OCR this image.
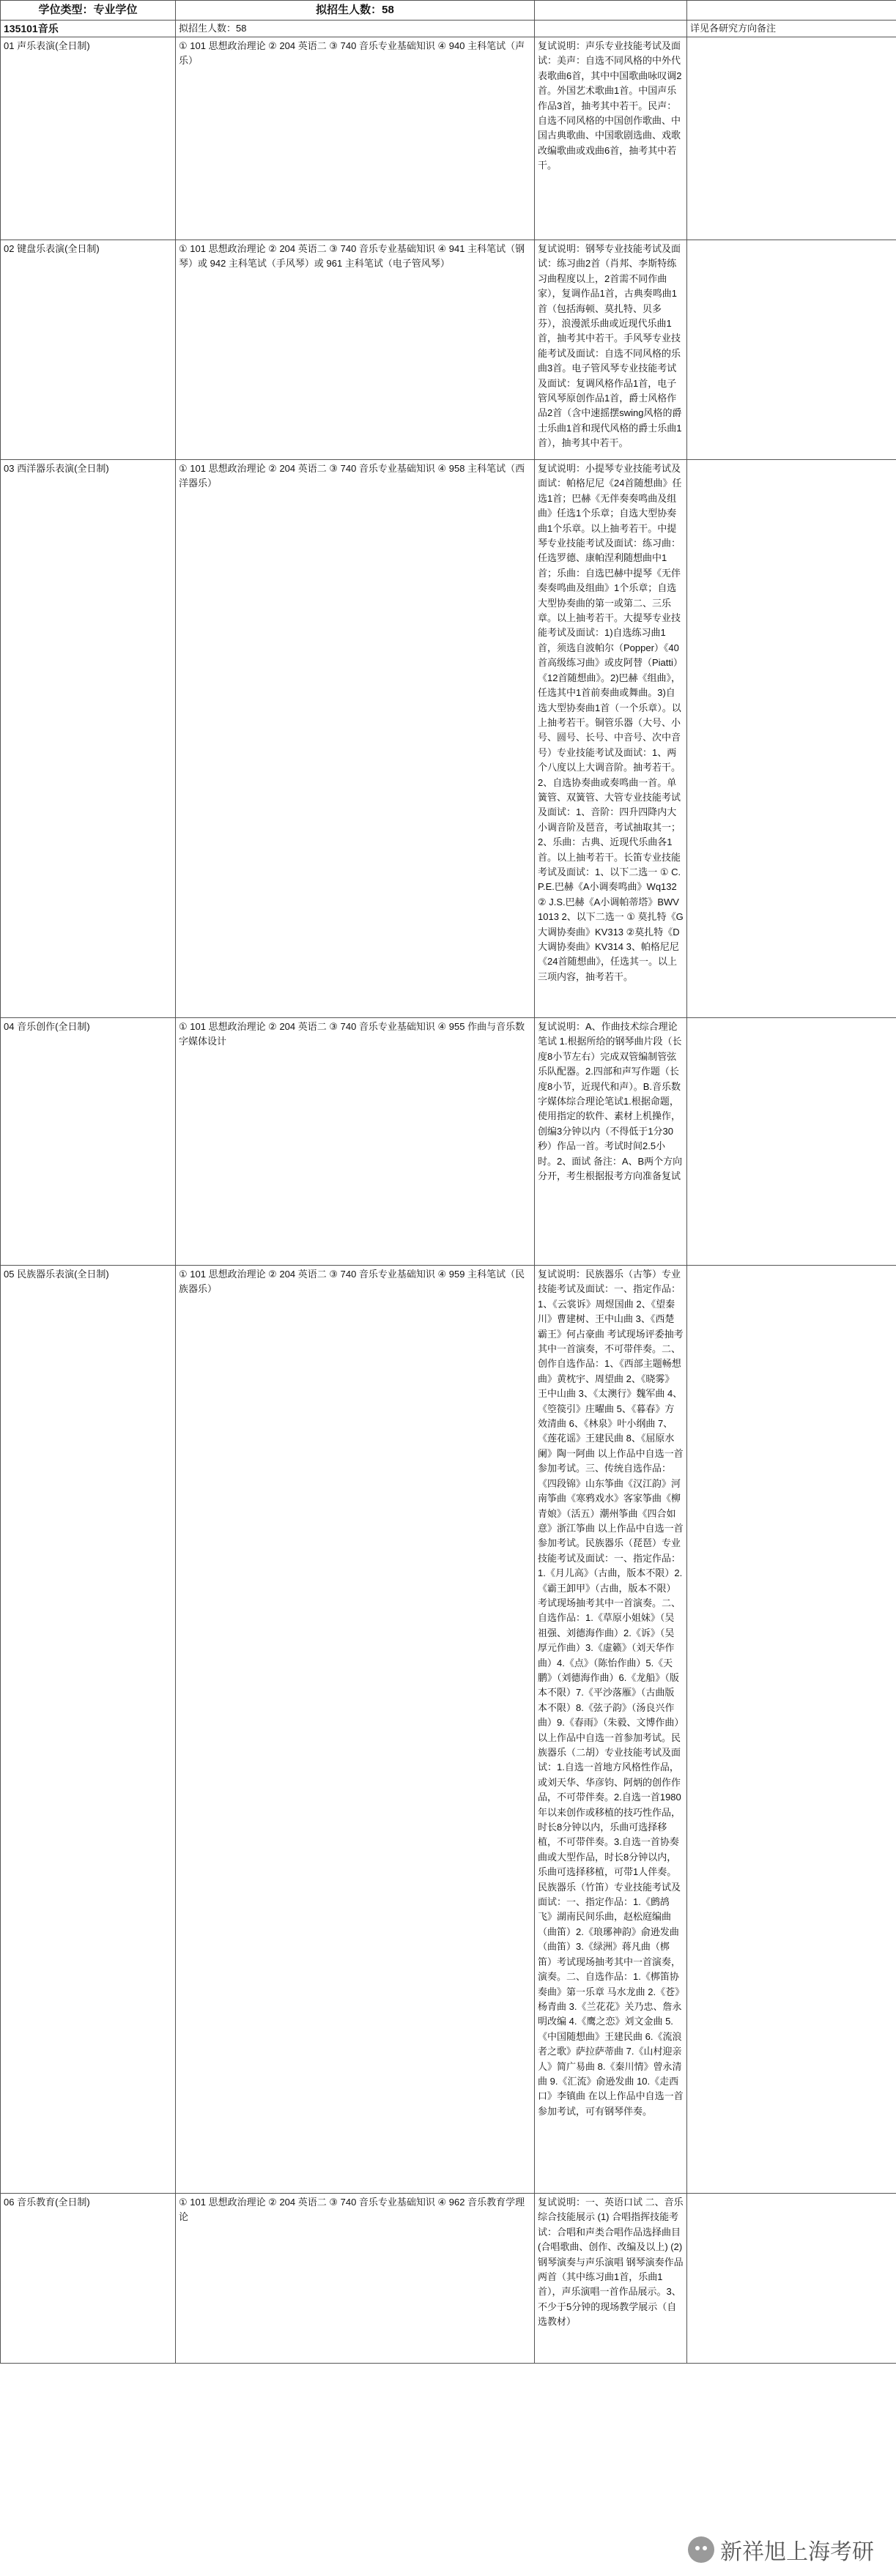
学位类型：专业学位	拟招生人数：58		
135101音乐	拟招生人数：58		详见各研究方向备注
01 声乐表演(全日制)	① 101 思想政治理论 ② 204 英语二 ③ 740 音乐专业基础知识 ④ 940 主科笔试（声乐）	复试说明：声乐专业技能考试及面试：美声：自选不同风格的中外代表歌曲6首，其中中国歌曲咏叹调2首。外国艺术歌曲1首。中国声乐作品3首，抽考其中若干。民声：自选不同风格的中国创作歌曲、中国古典歌曲、中国歌剧选曲、戏歌改编歌曲或戏曲6首，抽考其中若干。	
02 键盘乐表演(全日制)	① 101 思想政治理论 ② 204 英语二 ③ 740 音乐专业基础知识 ④ 941 主科笔试（钢琴）或 942 主科笔试（手风琴）或 961 主科笔试（电子管风琴）	复试说明：钢琴专业技能考试及面试：练习曲2首（肖邦、李斯特练习曲程度以上，2首需不同作曲家），复调作品1首，古典奏鸣曲1首（包括海顿、莫扎特、贝多芬），浪漫派乐曲或近现代乐曲1首，抽考其中若干。手风琴专业技能考试及面试：自选不同风格的乐曲3首。电子管风琴专业技能考试及面试：复调风格作品1首，电子管风琴原创作品1首，爵士风格作品2首（含中速摇摆swing风格的爵士乐曲1首和现代风格的爵士乐曲1首），抽考其中若干。	
03 西洋器乐表演(全日制)	① 101 思想政治理论 ② 204 英语二 ③ 740 音乐专业基础知识 ④ 958 主科笔试（西洋器乐）	复试说明：小提琴专业技能考试及面试：帕格尼尼《24首随想曲》任选1首；巴赫《无伴奏奏鸣曲及组曲》任选1个乐章；自选大型协奏曲1个乐章。以上抽考若干。中提琴专业技能考试及面试：练习曲：任选罗德、康帕涅利随想曲中1首；乐曲：自选巴赫中提琴《无伴奏奏鸣曲及组曲》1个乐章；自选大型协奏曲的第一或第二、三乐章。以上抽考若干。大提琴专业技能考试及面试：1)自选练习曲1首，须选自波帕尔（Popper）《40首高级练习曲》或皮阿替（Piatti）《12首随想曲》。2)巴赫《组曲》，任选其中1首前奏曲或舞曲。3)自选大型协奏曲1首（一个乐章）。以上抽考若干。铜管乐器（大号、小号、圆号、长号、中音号、次中音号）专业技能考试及面试：1、两个八度以上大调音阶。抽考若干。2、自选协奏曲或奏鸣曲一首。单簧管、双簧管、大管专业技能考试及面试：1、音阶：四升四降内大小调音阶及琶音，考试抽取其一；2、乐曲：古典、近现代乐曲各1首。以上抽考若干。长笛专业技能考试及面试：1、以下二选一 ① C.P.E.巴赫《A小调奏鸣曲》Wq132 ② J.S.巴赫《A小调帕蒂塔》BWV 1013 2、以下二选一 ① 莫扎特《G大调协奏曲》KV313 ②莫扎特《D大调协奏曲》KV314 3、帕格尼尼《24首随想曲》，任选其一。以上三项内容，抽考若干。	
04 音乐创作(全日制)	① 101 思想政治理论 ② 204 英语二 ③ 740 音乐专业基础知识 ④ 955 作曲与音乐数字媒体设计	复试说明：A、作曲技术综合理论笔试 1.根据所给的钢琴曲片段（长度8小节左右）完成双管编制管弦乐队配器。2.四部和声写作题（长度8小节，近现代和声）。B.音乐数字媒体综合理论笔试1.根据命题，使用指定的软件、素材上机操作，创编3分钟以内（不得低于1分30秒）作品一首。考试时间2.5小时。2、面试 备注：A、B两个方向分开，考生根据报考方向准备复试	
05 民族器乐表演(全日制)	① 101 思想政治理论 ② 204 英语二 ③ 740 音乐专业基础知识 ④ 959 主科笔试（民族器乐）	复试说明：民族器乐（古筝）专业技能考试及面试：一、指定作品：1、《云裳诉》周煜国曲 2、《望秦川》曹建树、王中山曲 3、《西楚霸王》何占豪曲 考试现场评委抽考其中一首演奏，不可带伴奏。二、创作自选作品：1、《西部主题畅想曲》黄枕宇、周望曲 2、《晓雾》王中山曲 3、《太澳行》魏军曲 4、《箜篌引》庄曜曲 5、《暮春》方效清曲 6、《林泉》叶小纲曲 7、《莲花谣》王建民曲 8、《屈原水阑》陶一阿曲 以上作品中自选一首参加考试。三、传统自选作品：《四段锦》山东筝曲《汉江韵》河南筝曲《寒鸦戏水》客家筝曲《柳青娘》（活五）潮州筝曲《四合如意》浙江筝曲 以上作品中自选一首参加考试。民族器乐（琵琶）专业技能考试及面试：一、指定作品：1.《月儿高》（古曲，版本不限）2.《霸王卸甲》（古曲，版本不限）考试现场抽考其中一首演奏。二、自选作品：1.《草原小姐妹》（吴祖强、刘德海作曲）2.《诉》（吴厚元作曲）3.《虚籁》（刘天华作曲）4.《点》（陈怡作曲）5.《天鹏》（刘德海作曲）6.《龙船》（版本不限）7.《平沙落雁》（古曲版本不限）8.《弦子韵》（汤良兴作曲）9.《春雨》（朱毅、文博作曲）以上作品中自选一首参加考试。民族器乐（二胡）专业技能考试及面试：1.自选一首地方风格性作品，或刘天华、华彦钧、阿炳的创作作品，不可带伴奏。2.自选一首1980年以来创作或移植的技巧性作品，时长8分钟以内，乐曲可选择移植，不可带伴奏。3.自选一首协奏曲或大型作品，时长8分钟以内，乐曲可选择移植，可带1人伴奏。民族器乐（竹笛）专业技能考试及面试：一、指定作品：1.《鹧鸪飞》湖南民间乐曲，赵松庭编曲（曲笛）2.《琅琊神韵》俞逊发曲（曲笛）3.《绿洲》蒋凡曲（梆笛）考试现场抽考其中一首演奏，演奏。二、自选作品：1.《梆笛协奏曲》第一乐章 马水龙曲 2.《苍》杨青曲 3.《兰花花》关乃忠、詹永明改编 4.《鹰之恋》刘文金曲 5.《中国随想曲》王建民曲 6.《流浪者之歌》萨拉萨蒂曲 7.《山村迎亲人》简广易曲 8.《秦川情》曾永清曲 9.《汇流》俞逊发曲 10.《走西口》李镇曲 在以上作品中自选一首参加考试，可有钢琴伴奏。	
06 音乐教育(全日制)	① 101 思想政治理论 ② 204 英语二 ③ 740 音乐专业基础知识 ④ 962 音乐教育学理论	复试说明：一、英语口试 二、音乐综合技能展示 (1) 合唱指挥技能考试：合唱和声类合唱作品选择曲目 (合唱歌曲、创作、改编及以上) (2) 钢琴演奏与声乐演唱 钢琴演奏作品两首（其中练习曲1首，乐曲1首），声乐演唱一首作品展示。3、不少于5分钟的现场教学展示（自选教材）	
新祥旭上海考研
